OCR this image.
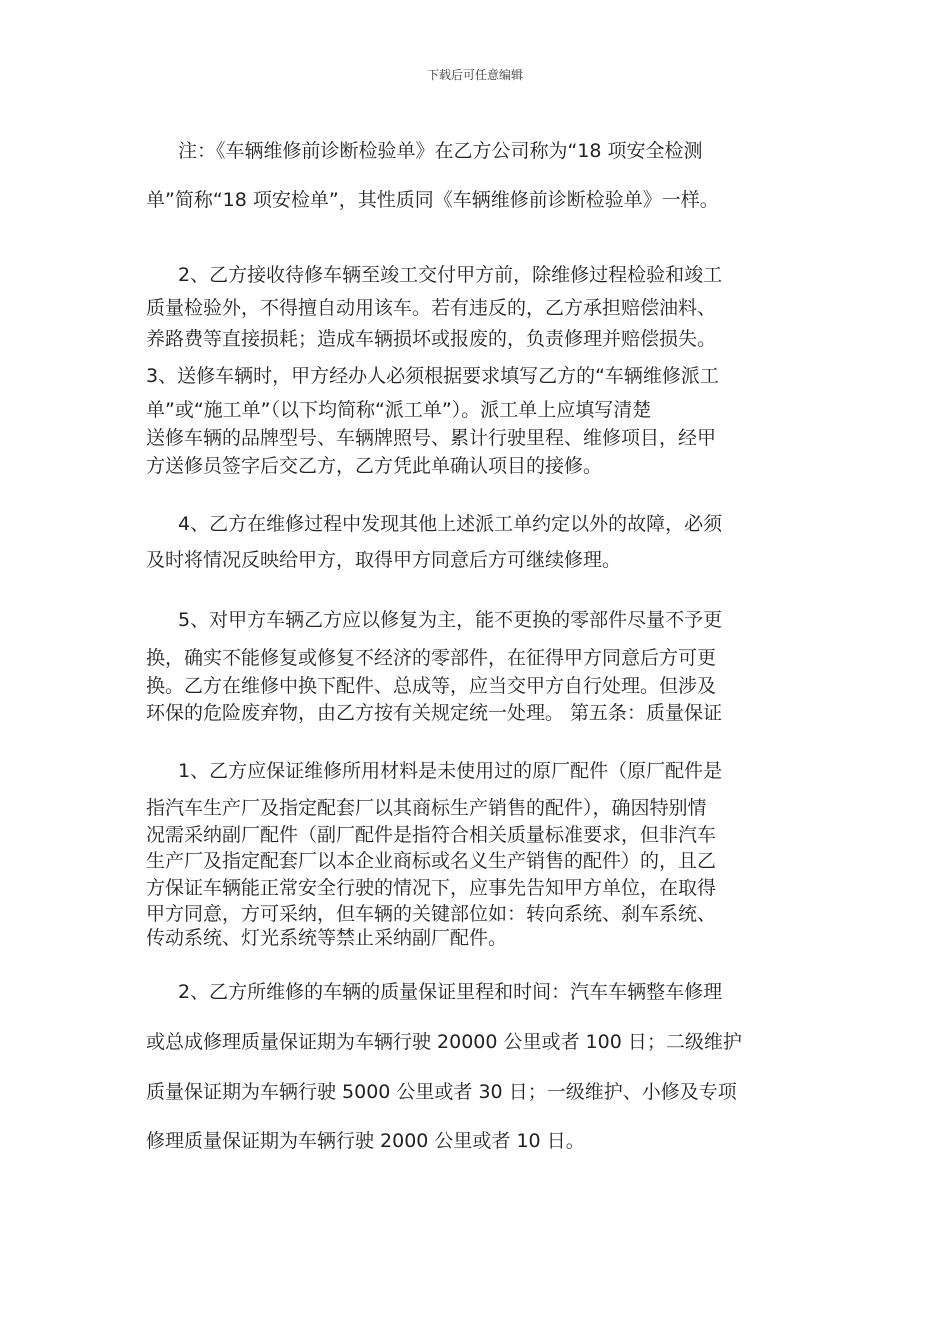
下载后可任意编辑
注：《车辆维修前诊断检验单》在乙方公司称为“18 项安全检测
单”简称“18 项安检单”，其性质同《车辆维修前诊断检验单》一样。
2、乙方接收待修车辆至竣工交付甲方前，除维修过程检验和竣工
质量检验外，不得擅自动用该车。若有违反的，乙方承担赔偿油料、
养路费等直接损耗；造成车辆损坏或报废的，负责修理并赔偿损失。
3、送修车辆时，甲方经办人必须根据要求填写乙方的“车辆维修派工
单”或“施工单”（以下均简称“派工单”）。派工单上应填写清楚
送修车辆的品牌型号、车辆牌照号、累计行驶里程、维修项目，经甲
方送修员签字后交乙方，乙方凭此单确认项目的接修。
4、乙方在维修过程中发现其他上述派工单约定以外的故障，必须
及时将情况反映给甲方，取得甲方同意后方可继续修理。
5、对甲方车辆乙方应以修复为主，能不更换的零部件尽量不予更
换，确实不能修复或修复不经济的零部件，在征得甲方同意后方可更
换。乙方在维修中换下配件、总成等，应当交甲方自行处理。但涉及
环保的危险废弃物，由乙方按有关规定统一处理。 第五条：质量保证
1、乙方应保证维修所用材料是未使用过的原厂配件（原厂配件是
指汽车生产厂及指定配套厂以其商标生产销售的配件），确因特别情
况需采纳副厂配件（副厂配件是指符合相关质量标准要求，但非汽车
生产厂及指定配套厂以本企业商标或名义生产销售的配件）的，且乙
方保证车辆能正常安全行驶的情况下，应事先告知甲方单位，在取得
甲方同意，方可采纳，但车辆的关键部位如：转向系统、刹车系统、
传动系统、灯光系统等禁止采纳副厂配件。
2、乙方所维修的车辆的质量保证里程和时间：汽车车辆整车修理
或总成修理质量保证期为车辆行驶 20000 公里或者 100 日；二级维护
质量保证期为车辆行驶 5000 公里或者 30 日；一级维护、小修及专项
修理质量保证期为车辆行驶 2000 公里或者 10 日。
